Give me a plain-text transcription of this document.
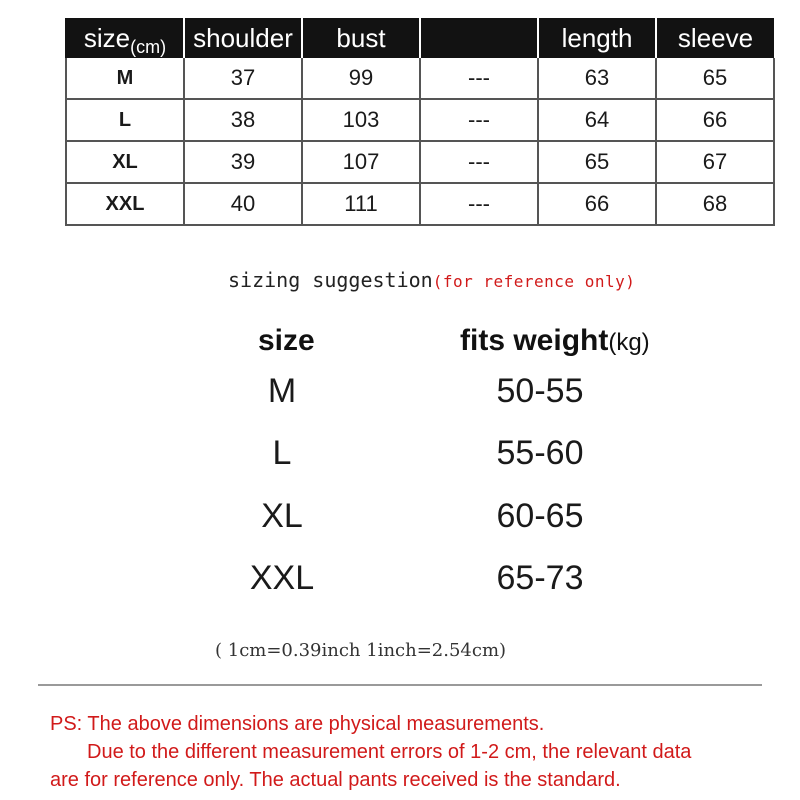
size$_{(cm)}$	shoulder	bust		length	sleeve
M	37	99	---	63	65
L	38	103	---	64	66
XL	39	107	---	65	67
XXL	40	111	---	66	68
sizing suggestion(for reference only)
size	fits weight(kg)
M	50-55
L	55-60
XL	60-65
XXL	65-73
( 1cm=0.39inch 1inch=2.54cm)
PS: The above dimensions are physical measurements.
Due to the different measurement errors of 1-2 cm, the relevant data
are for reference only. The actual pants received is the standard.
